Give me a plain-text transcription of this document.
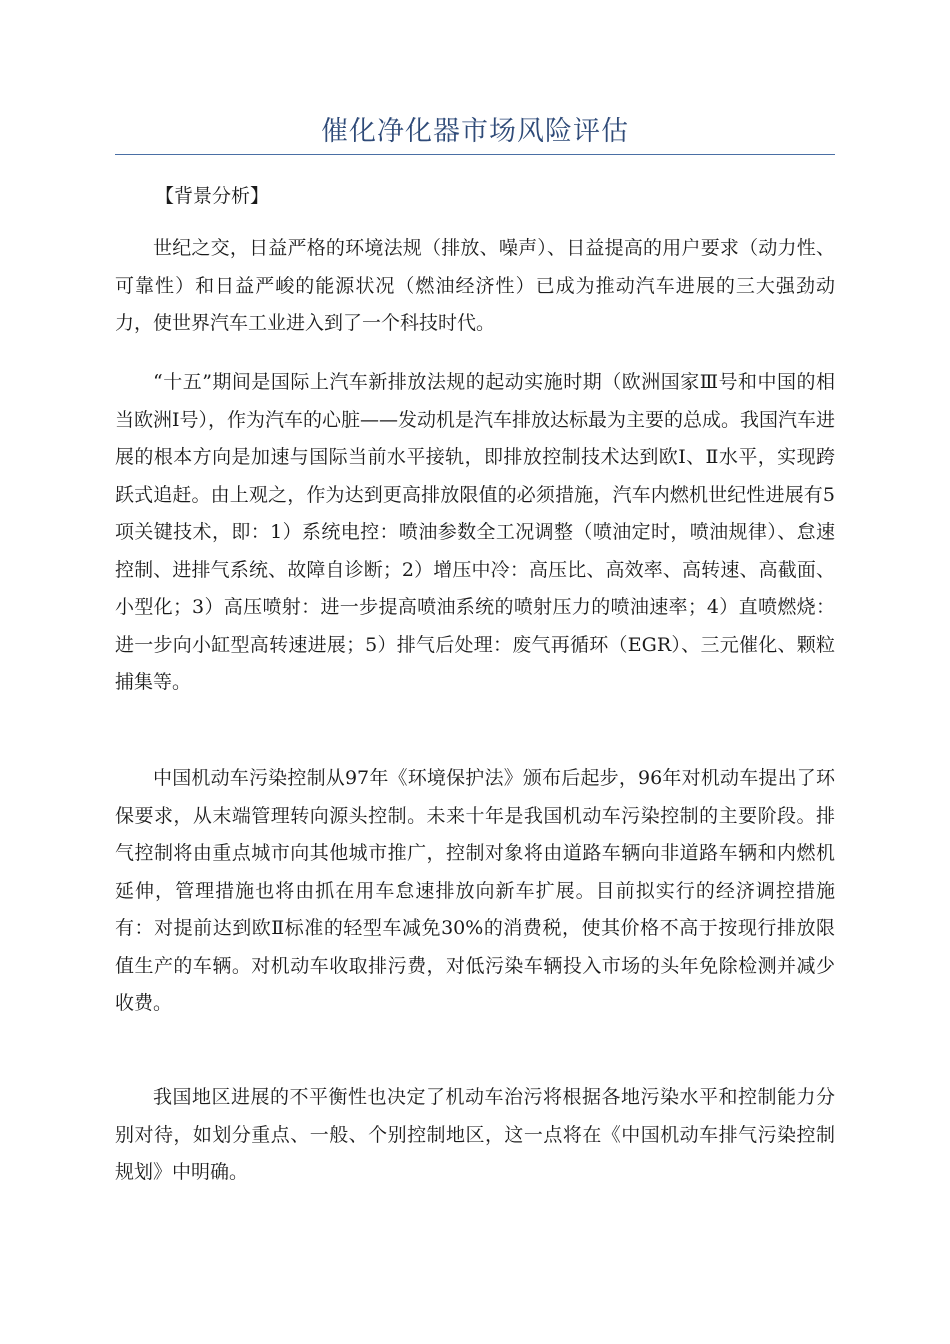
催化净化器市场风险评估
【背景分析】

世纪之交，日益严格的环境法规（排放、噪声）、日益提高的用户要求（动力性、可靠性）和日益严峻的能源状况（燃油经济性）已成为推动汽车进展的三大强劲动力，使世界汽车工业进入到了一个科技时代。

“十五”期间是国际上汽车新排放法规的起动实施时期（欧洲国家Ⅲ号和中国的相当欧洲Ⅰ号），作为汽车的心脏——发动机是汽车排放达标最为主要的总成。我国汽车进展的根本方向是加速与国际当前水平接轨，即排放控制技术达到欧Ⅰ、Ⅱ水平，实现跨跃式追赶。由上观之，作为达到更高排放限值的必须措施，汽车内燃机世纪性进展有5项关键技术，即：1）系统电控：喷油参数全工况调整（喷油定时，喷油规律）、怠速控制、进排气系统、故障自诊断；2）增压中冷：高压比、高效率、高转速、高截面、小型化；3）高压喷射：进一步提高喷油系统的喷射压力的喷油速率；4）直喷燃烧：进一步向小缸型高转速进展；5）排气后处理：废气再循环（EGR）、三元催化、颗粒捕集等。

中国机动车污染控制从97年《环境保护法》颁布后起步，96年对机动车提出了环保要求，从末端管理转向源头控制。未来十年是我国机动车污染控制的主要阶段。排气控制将由重点城市向其他城市推广，控制对象将由道路车辆向非道路车辆和内燃机延伸，管理措施也将由抓在用车怠速排放向新车扩展。目前拟实行的经济调控措施有：对提前达到欧Ⅱ标准的轻型车减免30%的消费税，使其价格不高于按现行排放限值生产的车辆。对机动车收取排污费，对低污染车辆投入市场的头年免除检测并减少收费。

我国地区进展的不平衡性也决定了机动车治污将根据各地污染水平和控制能力分别对待，如划分重点、一般、个别控制地区，这一点将在《中国机动车排气污染控制规划》中明确。
